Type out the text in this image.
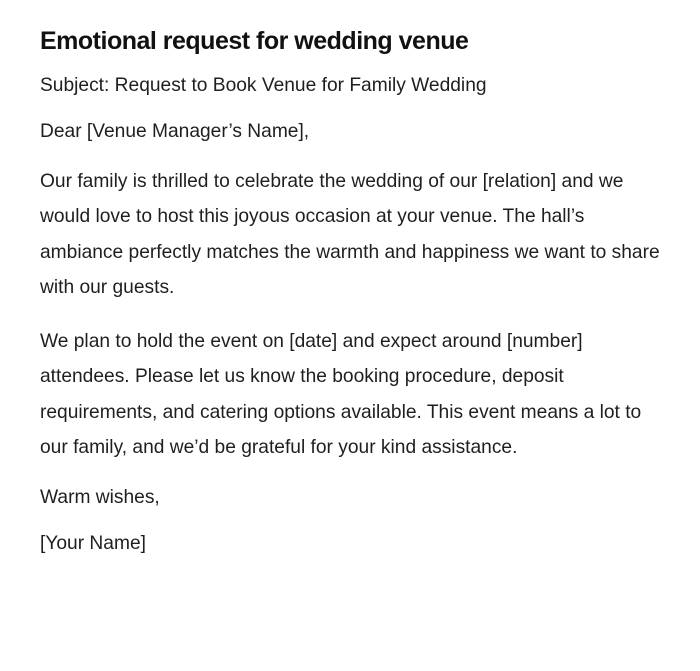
Emotional request for wedding venue

Subject: Request to Book Venue for Family Wedding

Dear [Venue Manager’s Name],

Our family is thrilled to celebrate the wedding of our [relation] and we would love to host this joyous occasion at your venue. The hall’s ambiance perfectly matches the warmth and happiness we want to share with our guests.

We plan to hold the event on [date] and expect around [number] attendees. Please let us know the booking procedure, deposit requirements, and catering options available. This event means a lot to our family, and we’d be grateful for your kind assistance.

Warm wishes,

[Your Name]
